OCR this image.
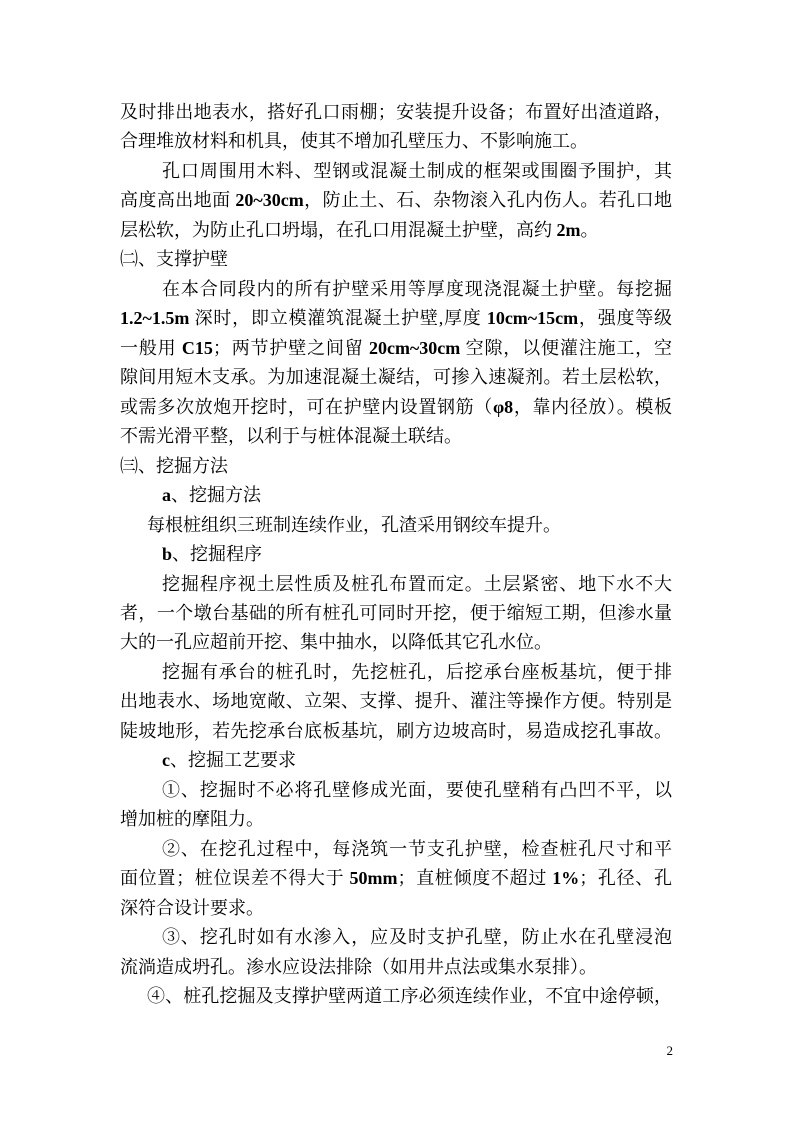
及时排出地表水，搭好孔口雨棚；安装提升设备；布置好出渣道路，
合理堆放材料和机具，使其不增加孔壁压力、不影响施工。
孔口周围用木料、型钢或混凝土制成的框架或围圈予围护，其
高度高出地面 20~30cm，防止土、石、杂物滚入孔内伤人。若孔口地
层松软，为防止孔口坍塌，在孔口用混凝土护壁，高约 2m。
㈡、支撑护壁
在本合同段内的所有护壁采用等厚度现浇混凝土护壁。每挖掘
1.2~1.5m 深时，即立模灌筑混凝土护壁,厚度 10cm~15cm，强度等级
一般用 C15；两节护壁之间留 20cm~30cm 空隙，以便灌注施工，空
隙间用短木支承。为加速混凝土凝结，可掺入速凝剂。若土层松软，
或需多次放炮开挖时，可在护壁内设置钢筋（φ8，靠内径放）。模板
不需光滑平整，以利于与桩体混凝土联结。
㈢、挖掘方法
a、挖掘方法
每根桩组织三班制连续作业，孔渣采用钢绞车提升。
b、挖掘程序
挖掘程序视土层性质及桩孔布置而定。土层紧密、地下水不大
者，一个墩台基础的所有桩孔可同时开挖，便于缩短工期，但渗水量
大的一孔应超前开挖、集中抽水，以降低其它孔水位。
挖掘有承台的桩孔时，先挖桩孔，后挖承台座板基坑，便于排
出地表水、场地宽敞、立架、支撑、提升、灌注等操作方便。特别是
陡坡地形，若先挖承台底板基坑，刷方边坡高时，易造成挖孔事故。
c、挖掘工艺要求
①、挖掘时不必将孔壁修成光面，要使孔壁稍有凸凹不平，以
增加桩的摩阻力。
②、在挖孔过程中，每浇筑一节支孔护壁，检查桩孔尺寸和平
面位置；桩位误差不得大于 50mm；直桩倾度不超过 1%；孔径、孔
深符合设计要求。
③、挖孔时如有水渗入，应及时支护孔壁，防止水在孔壁浸泡
流淌造成坍孔。渗水应设法排除（如用井点法或集水泵排）。
④、桩孔挖掘及支撑护壁两道工序必须连续作业，不宜中途停顿，
2
